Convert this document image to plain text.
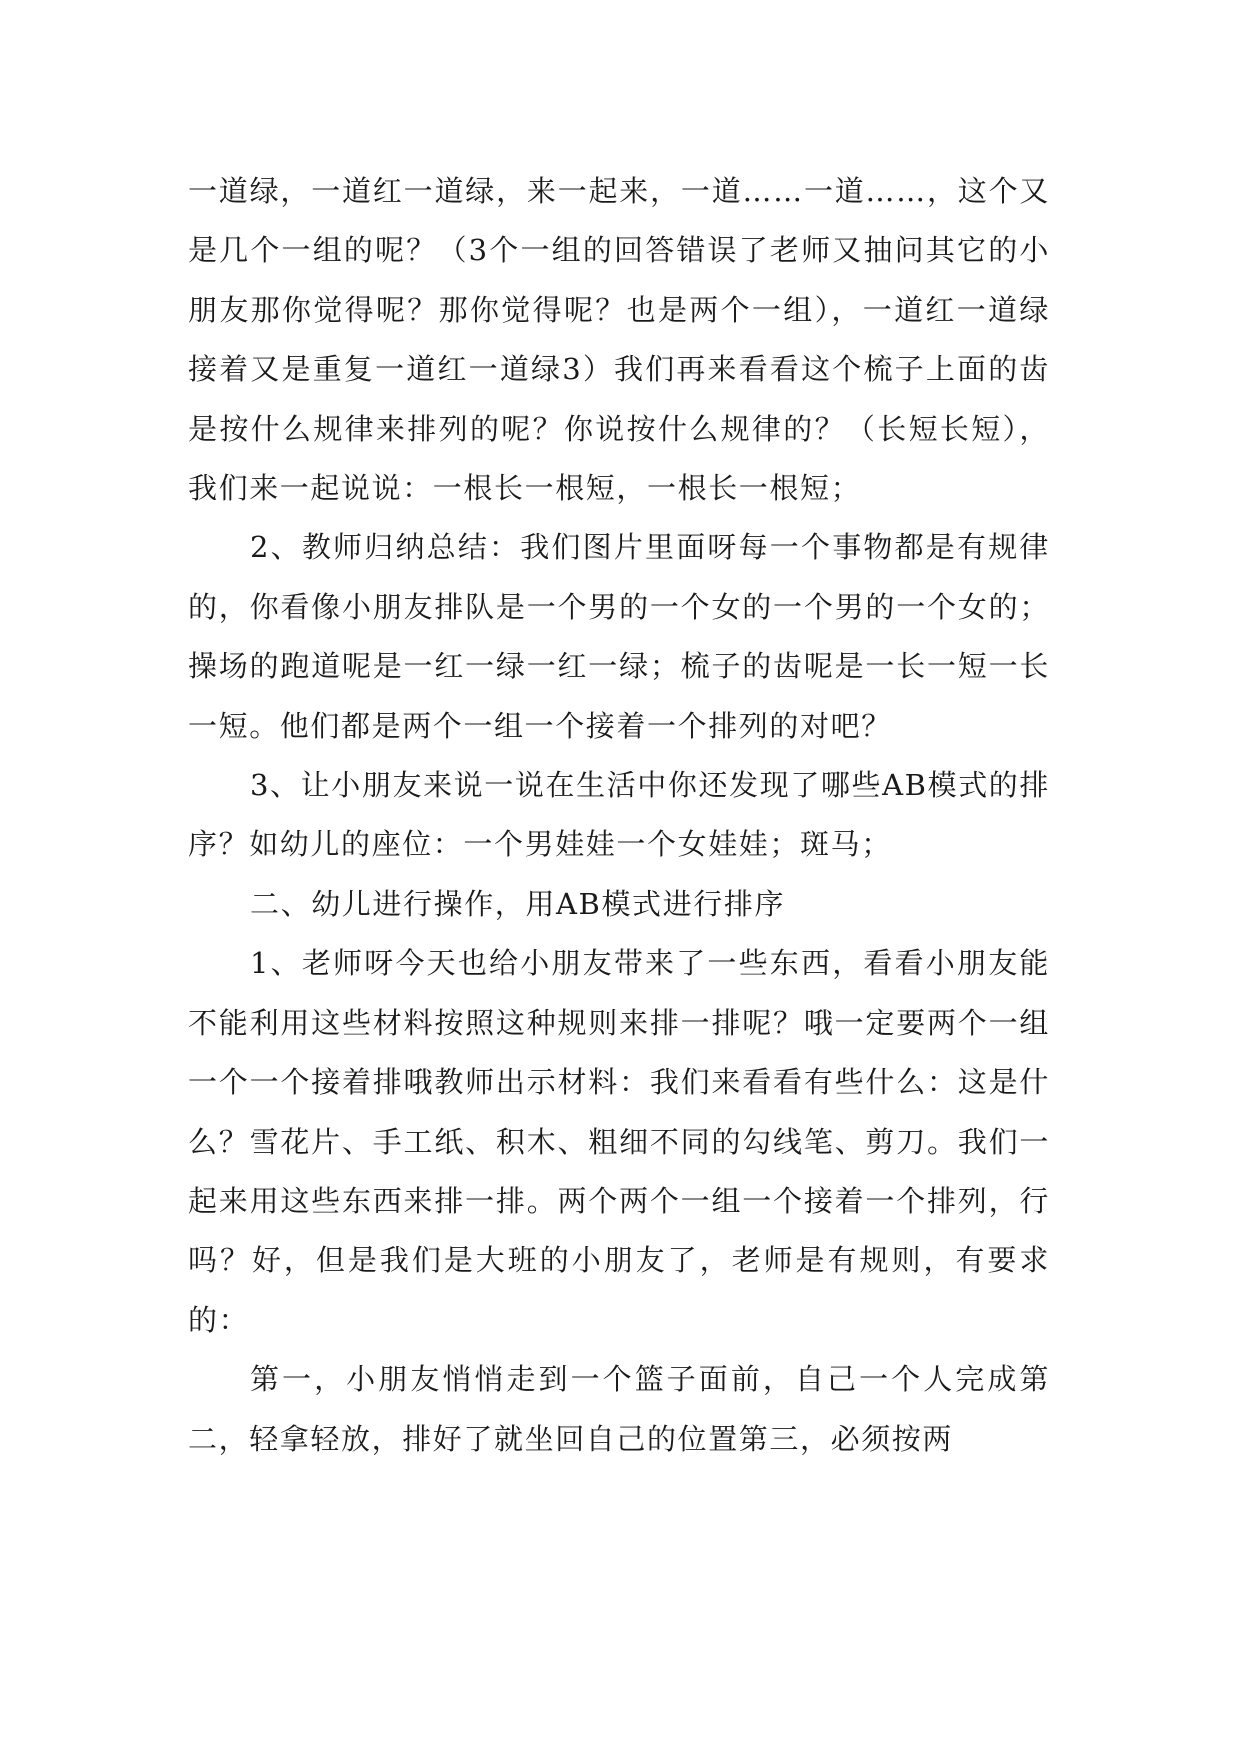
一道绿，一道红一道绿，来一起来，一道……一道……，这个又是几个一组的呢？（3个一组的回答错误了老师又抽问其它的小朋友那你觉得呢？那你觉得呢？也是两个一组），一道红一道绿接着又是重复一道红一道绿3）我们再来看看这个梳子上面的齿是按什么规律来排列的呢？你说按什么规律的？（长短长短），我们来一起说说：一根长一根短，一根长一根短；

2、教师归纳总结：我们图片里面呀每一个事物都是有规律的，你看像小朋友排队是一个男的一个女的一个男的一个女的；操场的跑道呢是一红一绿一红一绿；梳子的齿呢是一长一短一长一短。他们都是两个一组一个接着一个排列的对吧？

3、让小朋友来说一说在生活中你还发现了哪些AB模式的排序？如幼儿的座位：一个男娃娃一个女娃娃；斑马；

二、幼儿进行操作，用AB模式进行排序

1、老师呀今天也给小朋友带来了一些东西，看看小朋友能不能利用这些材料按照这种规则来排一排呢？哦一定要两个一组一个一个接着排哦教师出示材料：我们来看看有些什么：这是什么？雪花片、手工纸、积木、粗细不同的勾线笔、剪刀。我们一起来用这些东西来排一排。两个两个一组一个接着一个排列，行吗？好，但是我们是大班的小朋友了，老师是有规则，有要求的：

第一，小朋友悄悄走到一个篮子面前，自己一个人完成第二，轻拿轻放，排好了就坐回自己的位置第三，必须按两
